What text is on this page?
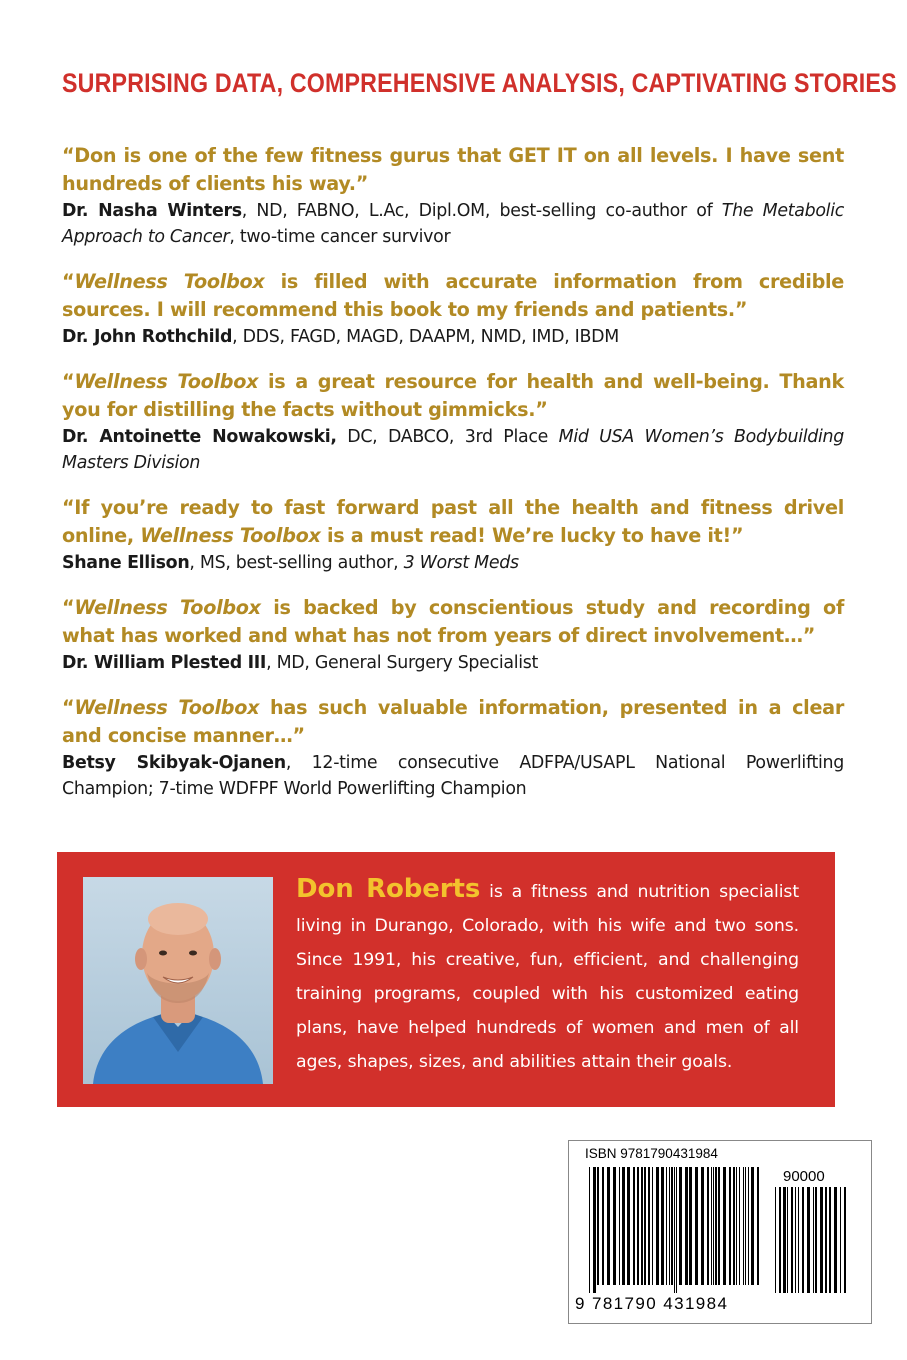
SURPRISING DATA, COMPREHENSIVE ANALYSIS, CAPTIVATING STORIES
“Don is one of the few fitness gurus that GET IT on all levels. I have sent hundreds of clients his way.”
Dr. Nasha Winters, ND, FABNO, L.Ac, Dipl.OM, best-selling co-author of The Metabolic Approach to Cancer, two-time cancer survivor
“Wellness Toolbox is filled with accurate information from credible sources. I will recommend this book to my friends and patients.”
Dr. John Rothchild, DDS, FAGD, MAGD, DAAPM, NMD, IMD, IBDM
“Wellness Toolbox is a great resource for health and well-being. Thank you for distilling the facts without gimmicks.”
Dr. Antoinette Nowakowski, DC, DABCO, 3rd Place Mid USA Women’s Bodybuilding Masters Division
“If you’re ready to fast forward past all the health and fitness drivel online, Wellness Toolbox is a must read! We’re lucky to have it!”
Shane Ellison, MS, best-selling author, 3 Worst Meds
“Wellness Toolbox is backed by conscientious study and recording of what has worked and what has not from years of direct involvement…”
Dr. William Plested III, MD, General Surgery Specialist
“Wellness Toolbox has such valuable information, presented in a clear and concise manner…”
Betsy Skibyak-Ojanen, 12-time consecutive ADFPA/USAPL National Powerlifting Champion; 7-time WDFPF World Powerlifting Champion
Don Roberts is a fitness and nutrition specialist living in Durango, Colorado, with his wife and two sons. Since 1991, his creative, fun, efficient, and challenging training programs, coupled with his customized eating plans, have helped hundreds of women and men of all ages, shapes, sizes, and abilities attain their goals.
ISBN 9781790431984
90000
9 781790 431984
